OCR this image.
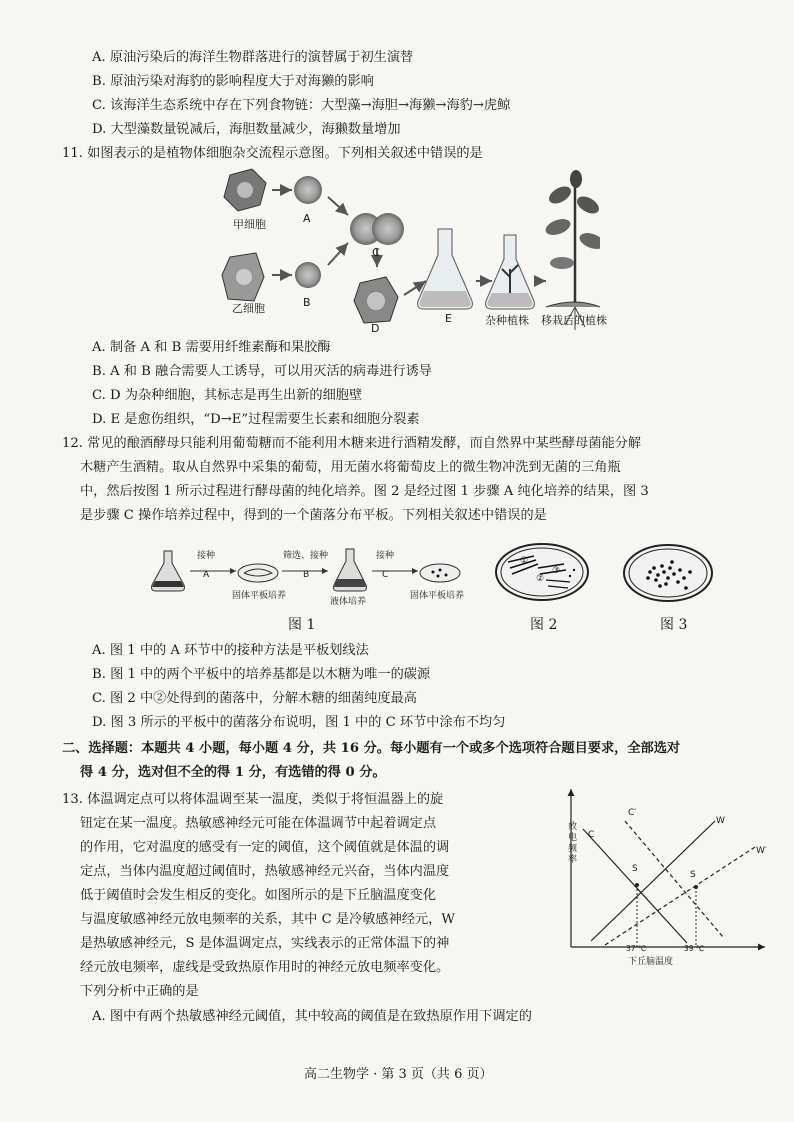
A. 原油污染后的海洋生物群落进行的演替属于初生演替
B. 原油污染对海豹的影响程度大于对海獭的影响
C. 该海洋生态系统中存在下列食物链：大型藻→海胆→海獭→海豹→虎鲸
D. 大型藻数量锐减后，海胆数量减少，海獭数量增加
11. 如图表示的是植物体细胞杂交流程示意图。下列相关叙述中错误的是
甲细胞	A
C
乙细胞	B
D
E	杂种植株 移栽后的植株
A. 制备 A 和 B 需要用纤维素酶和果胶酶
B. A 和 B 融合需要人工诱导，可以用灭活的病毒进行诱导
C. D 为杂种细胞，其标志是再生出新的细胞壁
D. E 是愈伤组织，“D→E”过程需要生长素和细胞分裂素
12. 常见的酿酒酵母只能利用葡萄糖而不能利用木糖来进行酒精发酵，而自然界中某些酵母菌能分解
木糖产生酒精。取从自然界中采集的葡萄，用无菌水将葡萄皮上的微生物冲洗到无菌的三角瓶
中，然后按图 1 所示过程进行酵母菌的纯化培养。图 2 是经过图 1 步骤 A 纯化培养的结果，图 3
是步骤 C 操作培养过程中，得到的一个菌落分布平板。下列相关叙述中错误的是
接种
A
筛选、接种
B
接种
C
固体平板培养
液体培养
固体平板培养
图 1
①
②
③
图 2	图 3
A. 图 1 中的 A 环节中的接种方法是平板划线法
B. 图 1 中的两个平板中的培养基都是以木糖为唯一的碳源
C. 图 2 中②处得到的菌落中，分解木糖的细菌纯度最高
D. 图 3 所示的平板中的菌落分布说明，图 1 中的 C 环节中涂布不均匀
二、选择题：本题共 4 小题，每小题 4 分，共 16 分。每小题有一个或多个选项符合题目要求，全部选对
得 4 分，选对但不全的得 1 分，有选错的得 0 分。
13. 体温调定点可以将体温调至某一温度，类似于将恒温器上的旋
钮定在某一温度。热敏感神经元可能在体温调节中起着调定点
的作用，它对温度的感受有一定的阈值，这个阈值就是体温的调
定点，当体内温度超过阈值时，热敏感神经元兴奋，当体内温度
低于阈值时会发生相反的变化。如图所示的是下丘脑温度变化
与温度敏感神经元放电频率的关系，其中 C 是冷敏感神经元，W
是热敏感神经元，S 是体温调定点，实线表示的正常体温下的神
经元放电频率，虚线是受致热原作用时的神经元放电频率变化。
下列分析中正确的是
放电频率
下丘脑温度
37 ℃	39 ℃
C
C′
W
W′
S
S
A. 图中有两个热敏感神经元阈值，其中较高的阈值是在致热原作用下调定的
高二生物学 · 第 3 页（共 6 页）
